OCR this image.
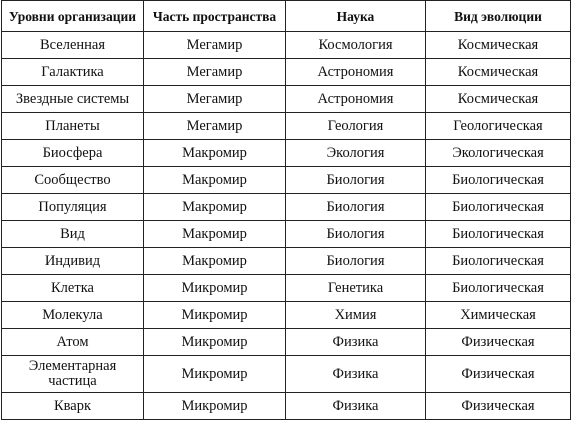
Уровни организации	Часть пространства	Наука	Вид эволюции
Вселенная	Мегамир	Космология	Космическая
Галактика	Мегамир	Астрономия	Космическая
Звездные системы	Мегамир	Астрономия	Космическая
Планеты	Мегамир	Геология	Геологическая
Биосфера	Макромир	Экология	Экологическая
Сообщество	Макромир	Биология	Биологическая
Популяция	Макромир	Биология	Биологическая
Вид	Макромир	Биология	Биологическая
Индивид	Макромир	Биология	Биологическая
Клетка	Микромир	Генетика	Биологическая
Молекула	Микромир	Химия	Химическая
Атом	Микромир	Физика	Физическая
Элементарная частица	Микромир	Физика	Физическая
Кварк	Микромир	Физика	Физическая
